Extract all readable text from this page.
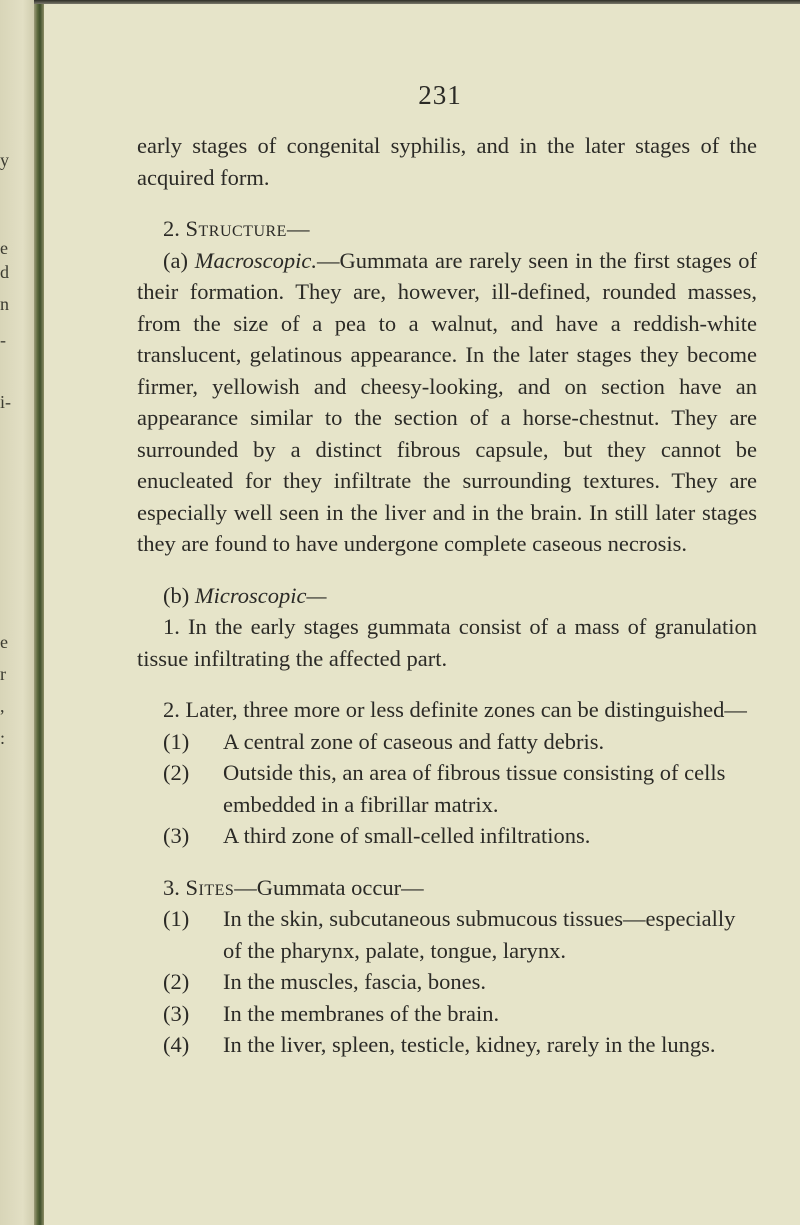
y
e
d
n
-
i-
e
r
,
:
231

early stages of congenital syphilis, and in the later stages of the acquired form.

2. Structure—

(a) Macroscopic.—Gummata are rarely seen in the first stages of their formation. They are, however, ill-defined, rounded masses, from the size of a pea to a walnut, and have a reddish-white translucent, gelatinous appearance. In the later stages they become firmer, yellowish and cheesy-looking, and on section have an appearance similar to the section of a horse-chestnut. They are surrounded by a distinct fibrous capsule, but they cannot be enucleated for they infiltrate the surrounding textures. They are especially well seen in the liver and in the brain. In still later stages they are found to have undergone complete caseous necrosis.

(b) Microscopic—

1. In the early stages gummata consist of a mass of granulation tissue infiltrating the affected part.

2. Later, three more or less definite zones can be distinguished—

(1) A central zone of caseous and fatty debris.

(2) Outside this, an area of fibrous tissue consisting of cells embedded in a fibrillar matrix.

(3) A third zone of small-celled infiltrations.

3. Sites—Gummata occur—

(1) In the skin, subcutaneous submucous tissues—especially of the pharynx, palate, tongue, larynx.

(2) In the muscles, fascia, bones.

(3) In the membranes of the brain.

(4) In the liver, spleen, testicle, kidney, rarely in the lungs.
